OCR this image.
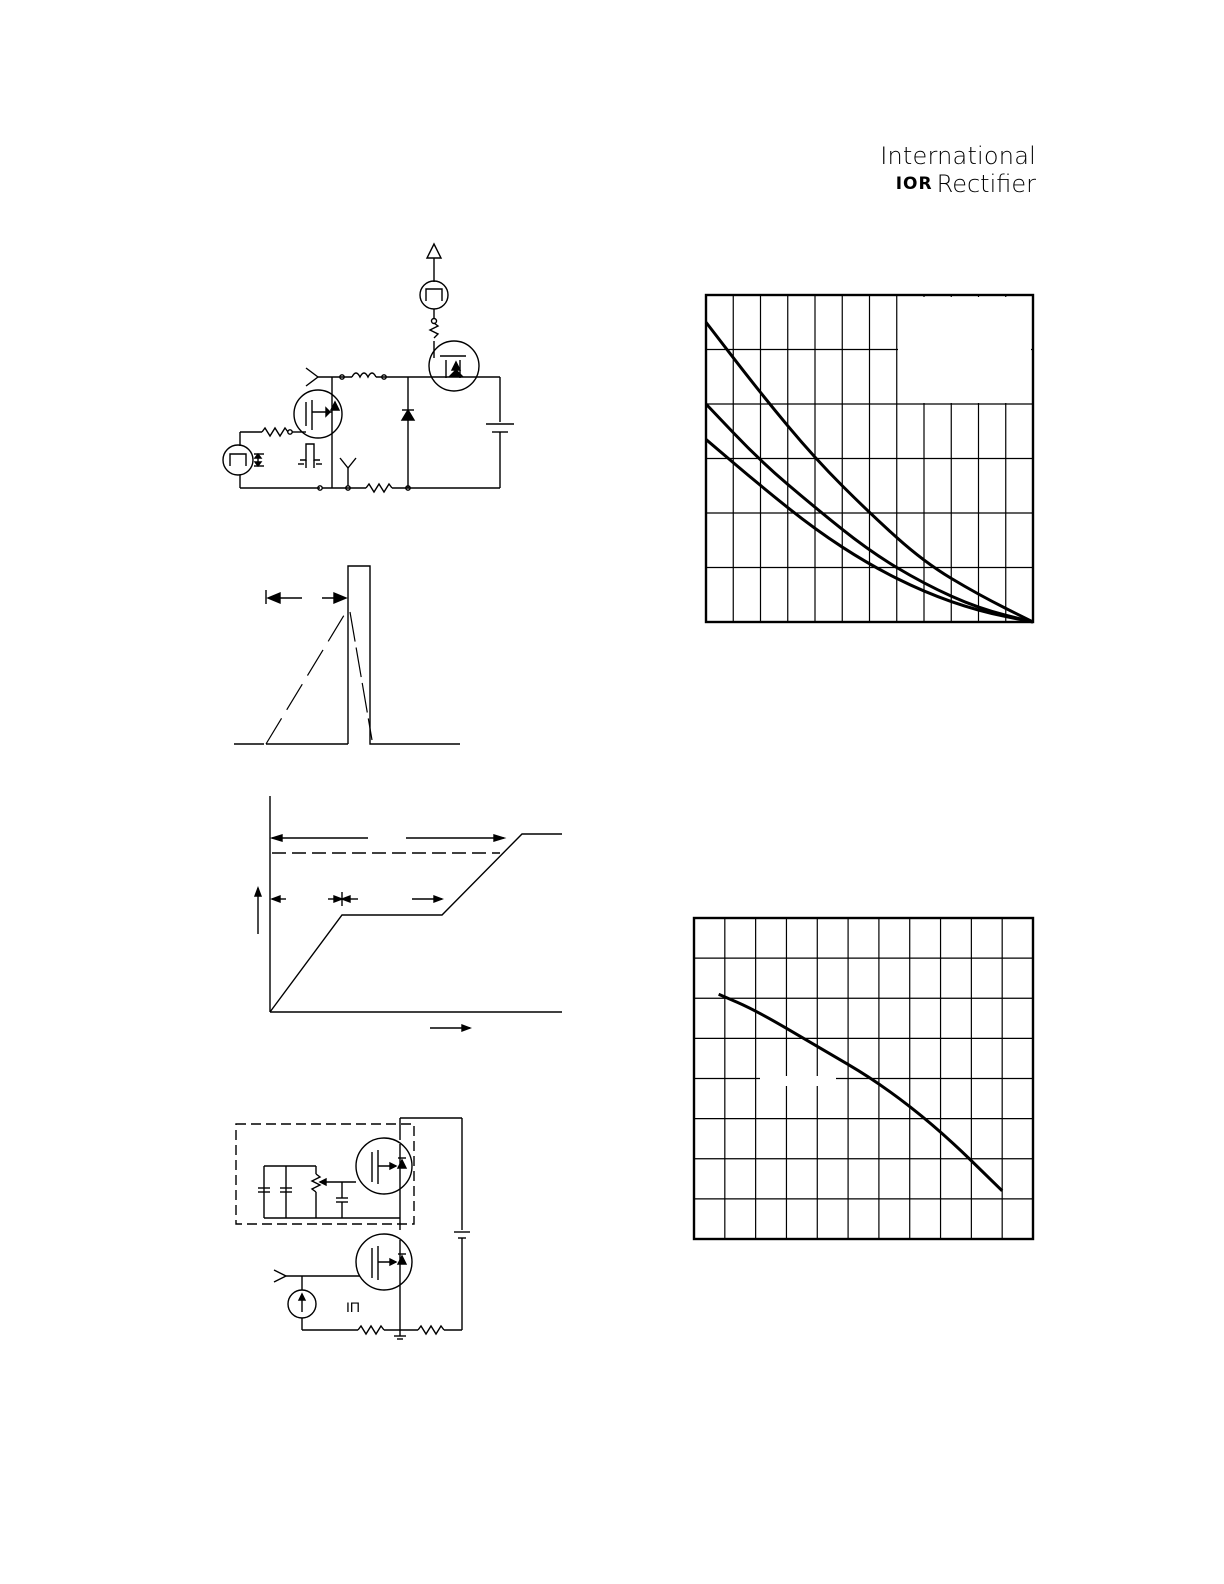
International
IOR Rectifier
ΙΠ
